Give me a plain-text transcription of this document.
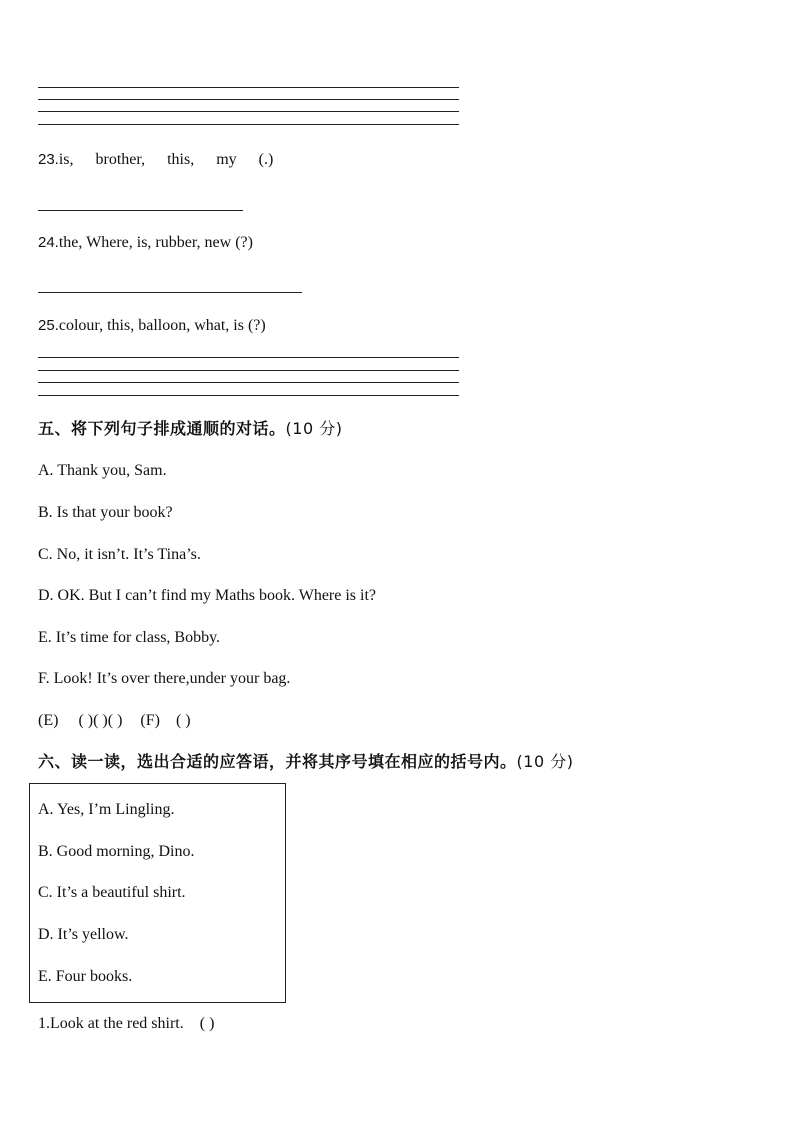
23.is, brother, this, my (.)
24.the, Where, is, rubber, new (?)
25.colour, this, balloon, what, is (?)
五、将下列句子排成通顺的对话。(10 分)
A. Thank you, Sam.
B. Is that your book?
C. No, it isn’t. It’s Tina’s.
D. OK. But I can’t find my Maths book. Where is it?
E. It’s time for class, Bobby.
F. Look! It’s over there,under your bag.
(E) ( )( )( ) (F) ( )
六、读一读，选出合适的应答语，并将其序号填在相应的括号内。(10 分)
A. Yes, I’m Lingling.
B. Good morning, Dino.
C. It’s a beautiful shirt.
D. It’s yellow.
E. Four books.
1.Look at the red shirt. ( )
